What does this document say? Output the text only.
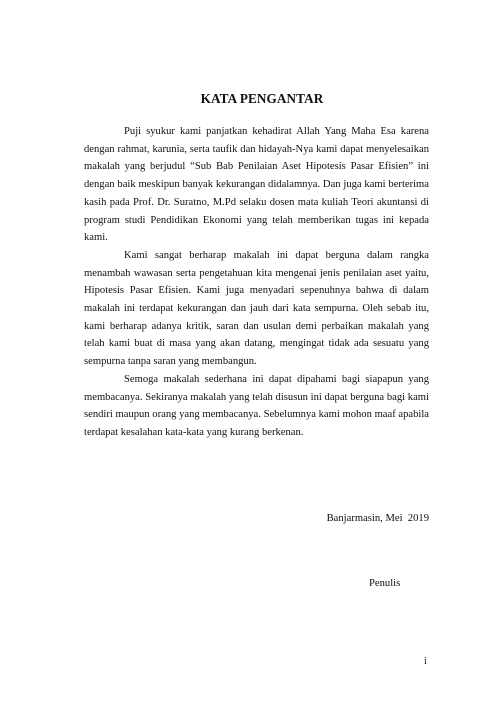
KATA PENGANTAR

Puji syukur kami panjatkan kehadirat Allah Yang Maha Esa karena dengan rahmat, karunia, serta taufik dan hidayah-Nya kami dapat menyelesaikan makalah yang berjudul “Sub Bab Penilaian Aset Hipotesis Pasar Efisien” ini dengan baik meskipun banyak kekurangan didalamnya. Dan juga kami berterima kasih pada Prof. Dr. Suratno, M.Pd selaku dosen mata kuliah Teori akuntansi di program studi Pendidikan Ekonomi yang telah memberikan tugas ini kepada kami.

Kami sangat berharap makalah ini dapat berguna dalam rangka menambah wawasan serta pengetahuan kita mengenai jenis penilaian aset yaitu, Hipotesis Pasar Efisien. Kami juga menyadari sepenuhnya bahwa di dalam makalah ini terdapat kekurangan dan jauh dari kata sempurna. Oleh sebab itu, kami berharap adanya kritik, saran dan usulan demi perbaikan makalah yang telah kami buat di masa yang akan datang, mengingat tidak ada sesuatu yang sempurna tanpa saran yang membangun.

Semoga makalah sederhana ini dapat dipahami bagi siapapun yang membacanya. Sekiranya makalah yang telah disusun ini dapat berguna bagi kami sendiri maupun orang yang membacanya. Sebelumnya kami mohon maaf apabila terdapat kesalahan kata-kata yang kurang berkenan.

Banjarmasin, Mei  2019
Penulis
i
